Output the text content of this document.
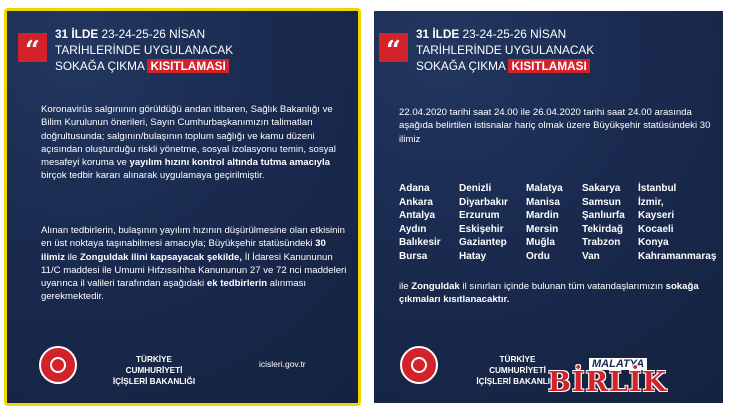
“
31 İLDE 23-24-25-26 NİSAN
TARİHLERİNDE UYGULANACAK
SOKAĞA ÇIKMA KISITLAMASI
Koronavirüs salgınının görüldüğü andan itibaren, Sağlık Bakanlığı ve Bilim Kurulunun önerileri, Sayın Cumhurbaşkanımızın talimatları doğrultusunda; salgının/bulaşının toplum sağlığı ve kamu düzeni açısından oluşturduğu riskli yönetme, sosyal izolasyonu temin, sosyal mesafeyi koruma ve yayılım hızını kontrol altında tutma amacıyla birçok tedbir kararı alınarak uygulamaya geçirilmiştir.
Alınan tedbirlerin, bulaşının yayılım hızının düşürülmesine olan etkisinin en üst noktaya taşınabilmesi amacıyla; Büyükşehir statüsündeki 30 ilimiz ile Zonguldak ilini kapsayacak şekilde, İl İdaresi Kanununun 11/C maddesi ile Umumi Hıfzıssıhha Kanununun 27 ve 72 nci maddeleri uyarınca il valileri tarafından aşağıdaki ek tedbirlerin alınması gerekmektedir.
TÜRKİYE CUMHURİYETİ
İÇİŞLERİ BAKANLIĞI
icisleri.gov.tr
“
31 İLDE 23-24-25-26 NİSAN
TARİHLERİNDE UYGULANACAK
SOKAĞA ÇIKMA KISITLAMASI
22.04.2020 tarihi saat 24.00 ile 26.04.2020 tarihi saat 24.00 arasında aşağıda belirtilen istisnalar hariç olmak üzere Büyükşehir statüsündeki 30 ilimiz
Adana
Ankara
Antalya
Aydın
Balıkesir
Bursa
Denizli
Diyarbakır
Erzurum
Eskişehir
Gaziantep
Hatay
Malatya
Manisa
Mardin
Mersin
Muğla
Ordu
Sakarya
Samsun
Şanlıurfa
Tekirdağ
Trabzon
Van
İstanbul
İzmir,
Kayseri
Kocaeli
Konya
Kahramanmaraş
ile Zonguldak il sınırları içinde bulunan tüm vatandaşlarımızın sokağa çıkmaları kısıtlanacaktır.
TÜRKİYE CUMHURİYETİ
İÇİŞLERİ BAKANLIĞI
MALATYA
BİRLİK
